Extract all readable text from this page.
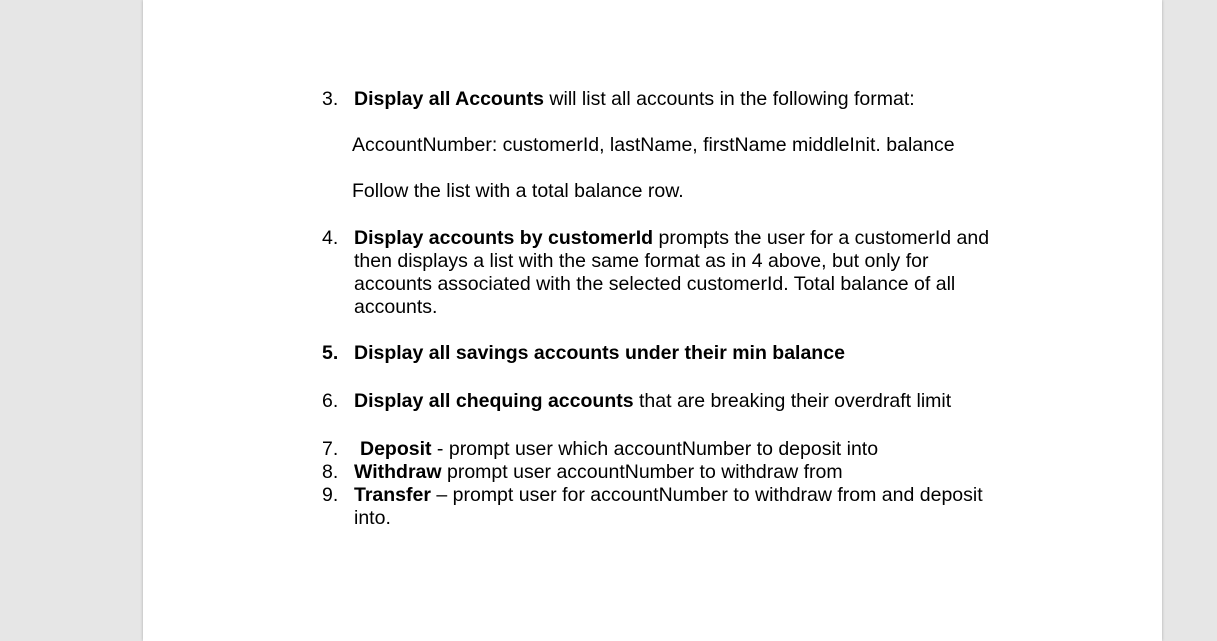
3. Display all Accounts will list all accounts in the following format:
AccountNumber: customerId, lastName, firstName middleInit. balance
Follow the list with a total balance row.
4. Display accounts by customerId prompts the user for a customerId and
then displays a list with the same format as in 4 above, but only for
accounts associated with the selected customerId. Total balance of all
accounts.
5. Display all savings accounts under their min balance
6. Display all chequing accounts that are breaking their overdraft limit
7. Deposit - prompt user which accountNumber to deposit into
8. Withdraw prompt user accountNumber to withdraw from
9. Transfer – prompt user for accountNumber to withdraw from and deposit
into.
